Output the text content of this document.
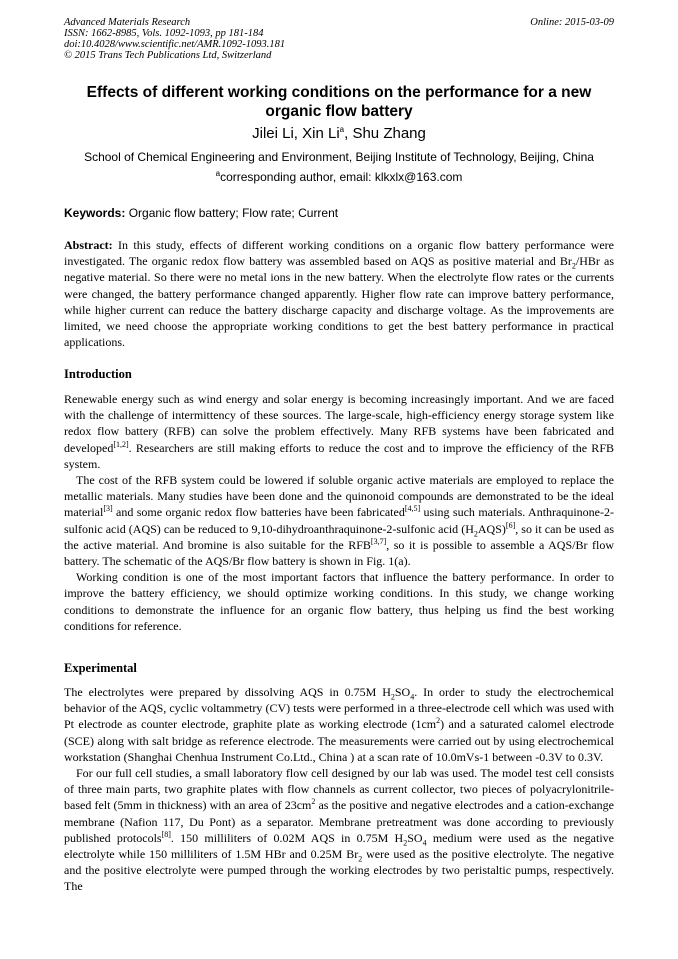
Advanced Materials Research
ISSN: 1662-8985, Vols. 1092-1093, pp 181-184
doi:10.4028/www.scientific.net/AMR.1092-1093.181
© 2015 Trans Tech Publications Ltd, Switzerland
Online: 2015-03-09
Effects of different working conditions on the performance for a new organic flow battery
Jilei Li, Xin Li$^a$, Shu Zhang
School of Chemical Engineering and Environment, Beijing Institute of Technology, Beijing, China
$^a$corresponding author, email: klkxlx@163.com
Keywords: Organic flow battery; Flow rate; Current

Abstract: In this study, effects of different working conditions on a organic flow battery performance were investigated. The organic redox flow battery was assembled based on AQS as positive material and $Br_2$/HBr as negative material. So there were no metal ions in the new battery. When the electrolyte flow rates or the currents were changed, the battery performance changed apparently. Higher flow rate can improve battery performance, while higher current can reduce the battery discharge capacity and discharge voltage. As the improvements are limited, we need choose the appropriate working conditions to get the best battery performance in practical applications.

Introduction

Renewable energy such as wind energy and solar energy is becoming increasingly important. And we are faced with the challenge of intermittency of these sources. The large-scale, high-efficiency energy storage system like redox flow battery (RFB) can solve the problem effectively. Many RFB systems have been fabricated and developed[1,2]. Researchers are still making efforts to reduce the cost and to improve the efficiency of the RFB system.

The cost of the RFB system could be lowered if soluble organic active materials are employed to replace the metallic materials. Many studies have been done and the quinonoid compounds are demonstrated to be the ideal material[3] and some organic redox flow batteries have been fabricated[4,5] using such materials. Anthraquinone-2-sulfonic acid (AQS) can be reduced to 9,10-dihydroanthraquinone-2-sulfonic acid $(H_2AQS)[6]$, so it can be used as the active material. And bromine is also suitable for the RFB[3,7], so it is possible to assemble a AQS/Br flow battery. The schematic of the AQS/Br flow battery is shown in Fig. 1(a).

Working condition is one of the most important factors that influence the battery performance. In order to improve the battery efficiency, we should optimize working conditions. In this study, we change working conditions to demonstrate the influence for an organic flow battery, thus helping us find the best working conditions for reference.

Experimental

The electrolytes were prepared by dissolving AQS in 0.75M $H_2SO_4$. In order to study the electrochemical behavior of the AQS, cyclic voltammetry (CV) tests were performed in a three-electrode cell which was used with Pt electrode as counter electrode, graphite plate as working electrode $(1cm^2)$ and a saturated calomel electrode (SCE) along with salt bridge as reference electrode. The measurements were carried out by using electrochemical workstation (Shanghai Chenhua Instrument Co.Ltd., China ) at a scan rate of 10.0mVs-1 between -0.3V to 0.3V.

For our full cell studies, a small laboratory flow cell designed by our lab was used. The model test cell consists of three main parts, two graphite plates with flow channels as current collector, two pieces of polyacrylonitrile-based felt (5mm in thickness) with an area of $23cm^2$ as the positive and negative electrodes and a cation-exchange membrane (Nafion 117, Du Pont) as a separator. Membrane pretreatment was done according to previously published protocols[8]. 150 milliliters of 0.02M AQS in 0.75M $H_2SO_4$ medium were used as the negative electrolyte while 150 milliliters of 1.5M HBr and 0.25M $Br_2$ were used as the positive electrolyte. The negative and the positive electrolyte were pumped through the working electrodes by two peristaltic pumps, respectively. The
